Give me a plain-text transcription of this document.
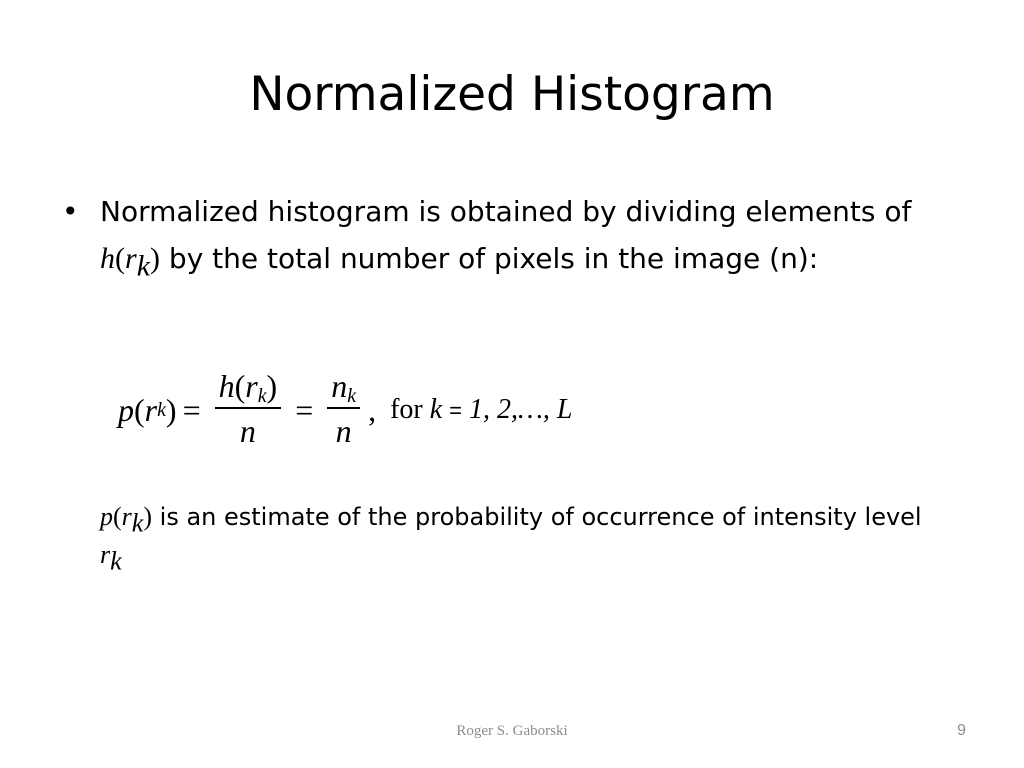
Normalized Histogram
• Normalized histogram is obtained by dividing elements of $h(r_k)$ by the total number of pixels in the image (n):
p ( r k ) = $\frac{h(r_k)}{n} = \frac{n_k}{n}$ , for k = 1, 2,…, L
$p(r_k)$ is an estimate of the probability of occurrence of intensity level $r_k$
Roger S. Gaborski	9
